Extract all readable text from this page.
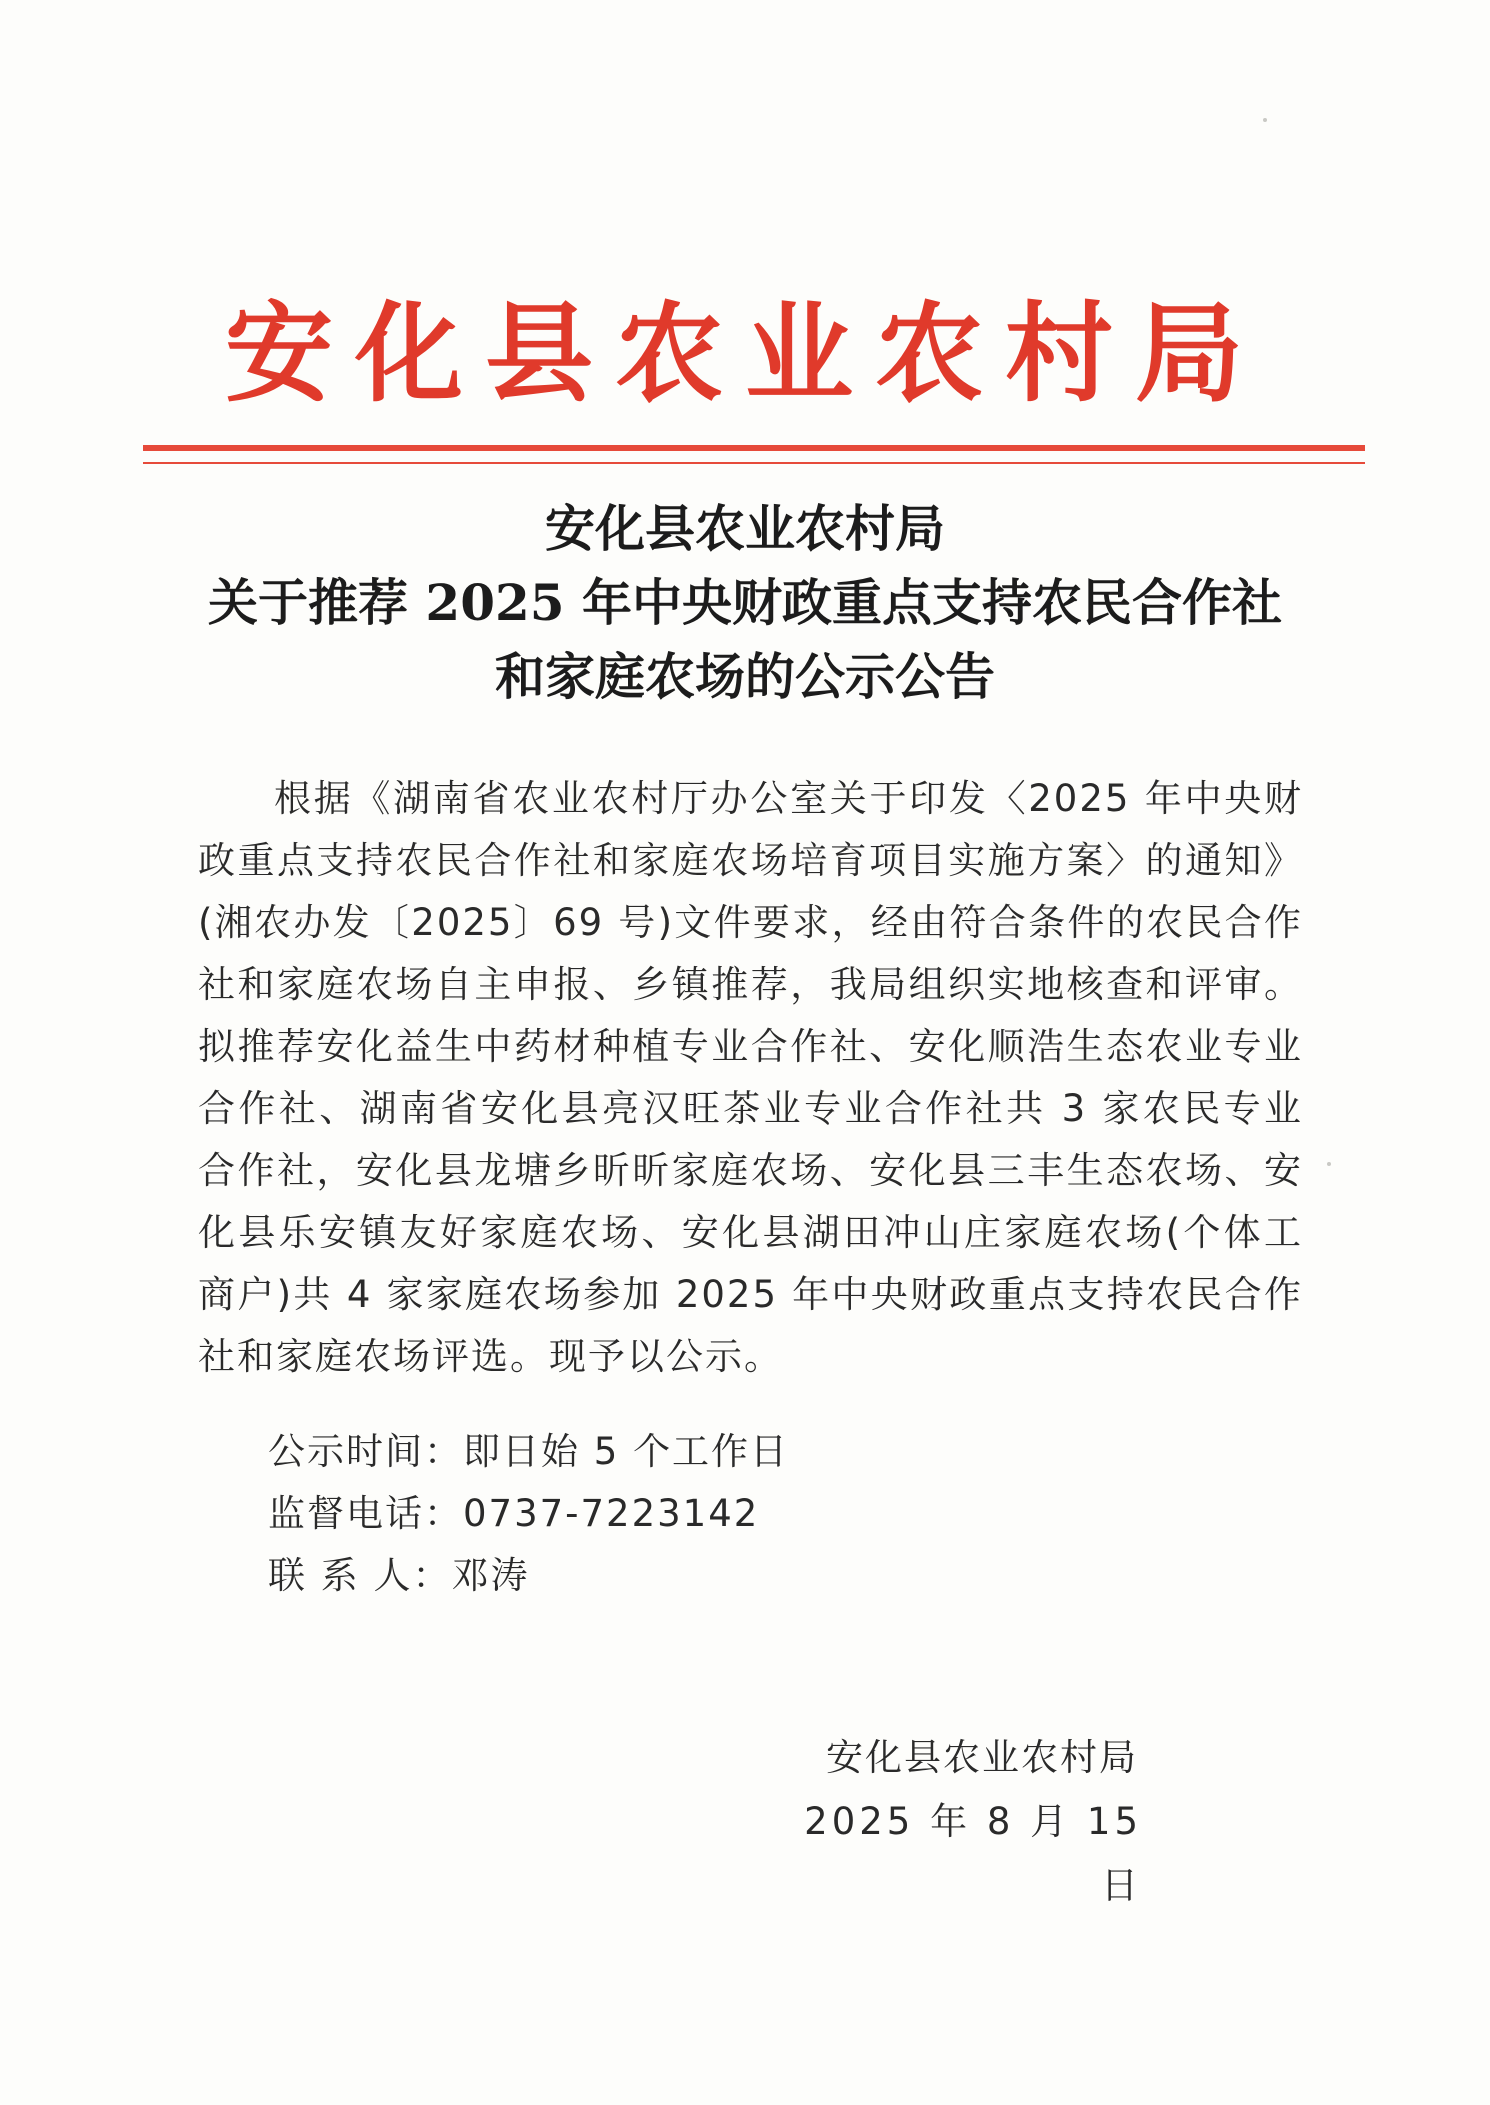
安化县农业农村局
安化县农业农村局
关于推荐 2025 年中央财政重点支持农民合作社
和家庭农场的公示公告
根据《湖南省农业农村厅办公室关于印发〈2025 年中央财政重点支持农民合作社和家庭农场培育项目实施方案〉的通知》(湘农办发〔2025〕69 号)文件要求，经由符合条件的农民合作社和家庭农场自主申报、乡镇推荐，我局组织实地核查和评审。拟推荐安化益生中药材种植专业合作社、安化顺浩生态农业专业合作社、湖南省安化县亮汉旺茶业专业合作社共 3 家农民专业合作社，安化县龙塘乡昕昕家庭农场、安化县三丰生态农场、安化县乐安镇友好家庭农场、安化县湖田冲山庄家庭农场(个体工商户)共 4 家家庭农场参加 2025 年中央财政重点支持农民合作社和家庭农场评选。现予以公示。
公示时间：即日始 5 个工作日
监督电话：0737-7223142
联 系 人：邓涛
安化县农业农村局
2025 年 8 月 15 日
